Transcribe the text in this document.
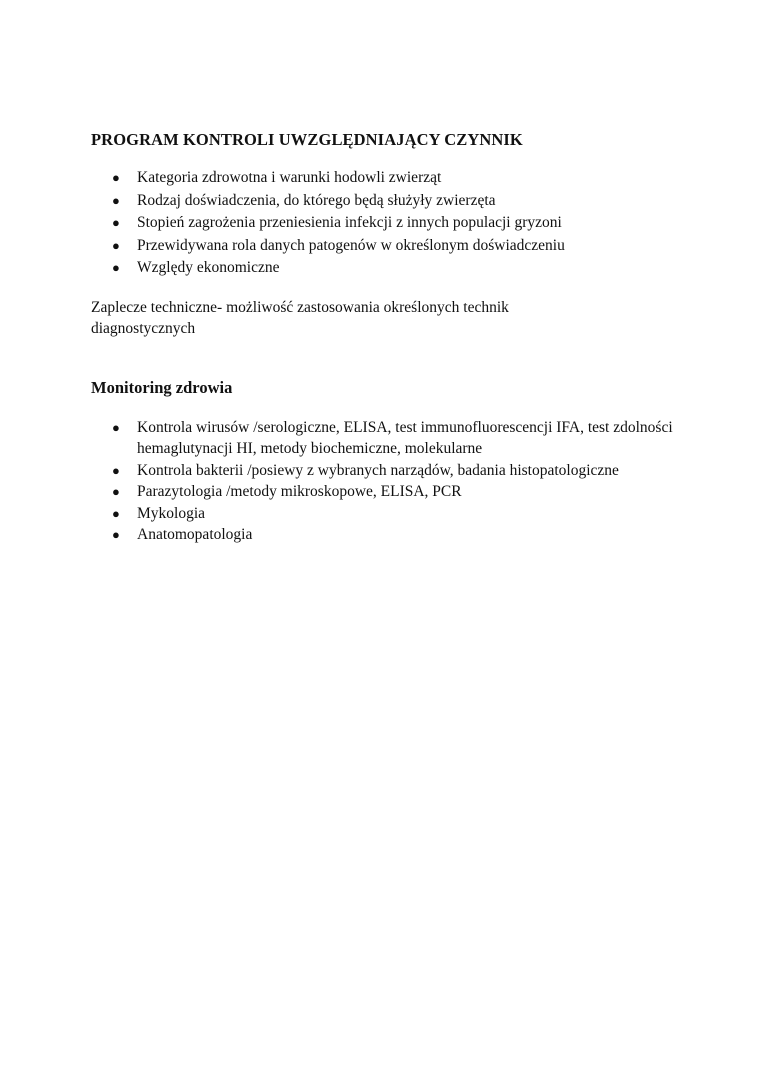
PROGRAM KONTROLI UWZGLĘDNIAJĄCY CZYNNIK
● Kategoria zdrowotna i warunki hodowli zwierząt
● Rodzaj doświadczenia, do którego będą służyły zwierzęta
● Stopień zagrożenia przeniesienia infekcji z innych populacji gryzoni
● Przewidywana rola danych patogenów w określonym doświadczeniu
● Względy ekonomiczne

Zaplecze techniczne- możliwość zastosowania określonych technik diagnostycznych

Monitoring zdrowia
● Kontrola wirusów /serologiczne, ELISA, test immunofluorescencji IFA, test zdolności hemaglutynacji HI, metody biochemiczne, molekularne
● Kontrola bakterii /posiewy z wybranych narządów, badania histopatologiczne
● Parazytologia /metody mikroskopowe, ELISA, PCR
● Mykologia
● Anatomopatologia
